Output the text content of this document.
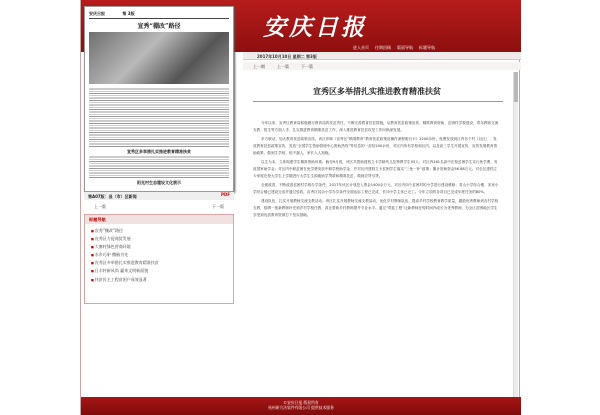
安庆日报	第 3版
宣秀“棚改”路径
宣秀区多举措扎实推进教育精准扶贫
阳光村生态建设文化展示
安庆日报
进入首页 往期回顾 版面导航 标题导航
2017年10月10日 星期二 第3版
上一期	上一篇	下一篇
宣秀区多举措扎实推进教育精准扶贫

今年以来，宣秀区教育局积极履行教育局的扶贫责任，不断完善教育扶贫措施，从教育扶贫政策宣传、精准教育资助、贫困村学校建设、青年教师交流支教、招生等方面入手，扎实推进教育精准扶贫工作，深入推进教育扶贫攻坚工作向纵深发展。

多方联动，加大教育扶贫政策宣传。该区印制《宣秀区“精准教育”教育扶贫政策及操作流程明白卡》2200余份，免费发放到区内各个村（社区），发放教育扶贫政策宣传，发放“全国学生资助管理中心资助热线”等信息的一封信200余份，对区内所有学校和区内，以及高三学生开展宣传，宣传发展教育资助政策，做到生学校、校不漏人，家长人人知晓。

以生为本，立体构建学生精准资助体系。截至9月底，该区共资助建档立卡学龄幼儿及特教学生93人；对区内161名高中在校贫困学生实行免学费，发放国家助学金；对区内中职贫困在免学费发放中职学校助学金，并对区内建档立卡贫困学生落实“三免一补”政策；累计资助资金56.88万元。对全区建档立卡家庭在校大学生上学期进行大学生生源地助学贷款和精准扶贫，做到应贷尽贷。

全面改善，不断改善贫困村学校办学条件。2017年该区计划投入资金1400余万元，对区内四个贫困村的小学进行建设维修；青山小学综合楼、宋家小学综合楼已建设完成并通过验收，宣秀区其余小学办学条件全面达标工程已完成，长冲小学主体已完工。今年立项的各项目已完成年度任务的80%。

建设队伍，扎实开展教师交流支教活动。该区扎实开展教师交流支教活动，优化乡村教师队伍，提高乡村学校教育教学质量，激励优秀教师到农村学校支教，招聘一批新教师补充到乡村学校任教，真正帮助乡村教师提升专业水平。通过“青蓝工程”让新教师在短时间内成长为优秀教师，为全区贫困地区学生享受到优质教育资源打下坚实基础。

第A07版：县（市）区新闻	PDF
上一版	下一版
标题导航
■ 宣秀“棚改”路径
■ 宣秀区力促商贸发展
■ 大寨村绿色营商环境
■ 水乡巧驴 撒脑为先
■ 宣秀区多举措扎实推进教育精准扶贫
■ 日丰村新风尚 赢来文明新面貌
■ 扶贫民主工程贫困户成效显著
©安庆日报 版权所有
杭州新方法软件有限公司 提供技术服务
